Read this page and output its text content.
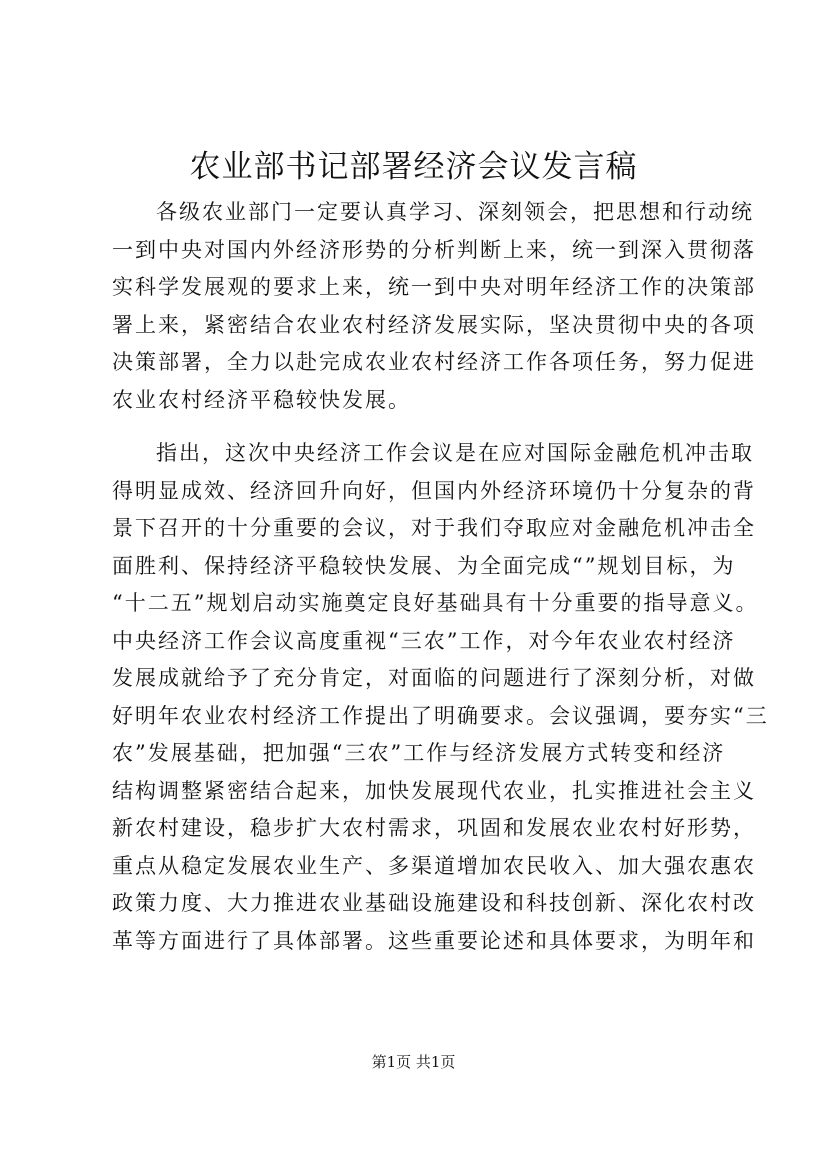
农业部书记部署经济会议发言稿
各级农业部门一定要认真学习、深刻领会，把思想和行动统
一到中央对国内外经济形势的分析判断上来，统一到深入贯彻落
实科学发展观的要求上来，统一到中央对明年经济工作的决策部
署上来，紧密结合农业农村经济发展实际，坚决贯彻中央的各项
决策部署，全力以赴完成农业农村经济工作各项任务，努力促进
农业农村经济平稳较快发展。
指出，这次中央经济工作会议是在应对国际金融危机冲击取
得明显成效、经济回升向好，但国内外经济环境仍十分复杂的背
景下召开的十分重要的会议，对于我们夺取应对金融危机冲击全
面胜利、保持经济平稳较快发展、为全面完成“”规划目标，为
“十二五”规划启动实施奠定良好基础具有十分重要的指导意义。
中央经济工作会议高度重视“三农”工作，对今年农业农村经济
发展成就给予了充分肯定，对面临的问题进行了深刻分析，对做
好明年农业农村经济工作提出了明确要求。会议强调，要夯实“三
农”发展基础，把加强“三农”工作与经济发展方式转变和经济
结构调整紧密结合起来，加快发展现代农业，扎实推进社会主义
新农村建设，稳步扩大农村需求，巩固和发展农业农村好形势，
重点从稳定发展农业生产、多渠道增加农民收入、加大强农惠农
政策力度、大力推进农业基础设施建设和科技创新、深化农村改
革等方面进行了具体部署。这些重要论述和具体要求，为明年和
第1页 共1页
